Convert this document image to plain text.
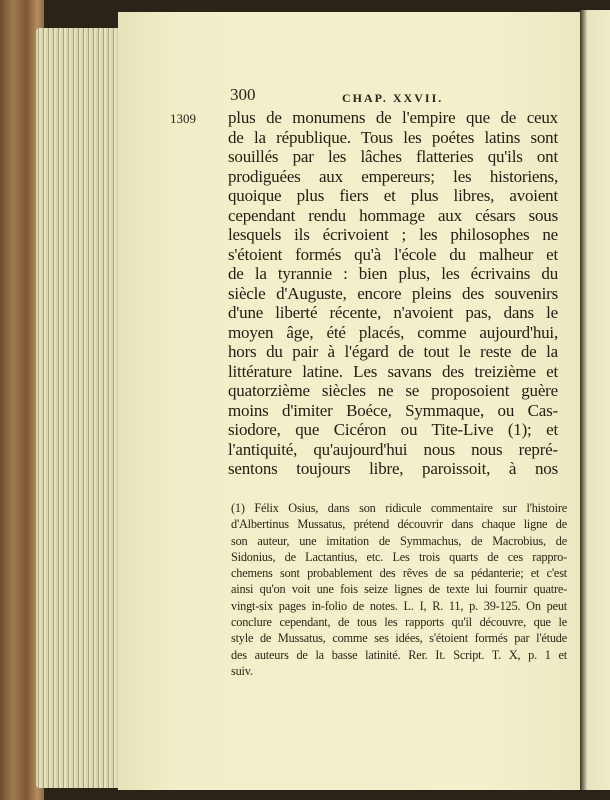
300	CHAP. XXVII.
1309 plus de monumens de l'empire que de ceux
de la république. Tous les poétes latins sont
souillés par les lâches flatteries qu'ils ont
prodiguées aux empereurs; les historiens,
quoique plus fiers et plus libres, avoient
cependant rendu hommage aux césars sous
lesquels ils écrivoient ; les philosophes ne
s'étoient formés qu'à l'école du malheur et
de la tyrannie : bien plus, les écrivains du
siècle d'Auguste, encore pleins des souvenirs
d'une liberté récente, n'avoient pas, dans le
moyen âge, été placés, comme aujourd'hui,
hors du pair à l'égard de tout le reste de la
littérature latine. Les savans des treizième et
quatorzième siècles ne se proposoient guère
moins d'imiter Boéce, Symmaque, ou Cas-
siodore, que Cicéron ou Tite-Live (1); et
l'antiquité, qu'aujourd'hui nous nous repré-
sentons toujours libre, paroissoit, à nos
(1) Félix Osius, dans son ridicule commentaire sur l'histoire
d'Albertinus Mussatus, prétend découvrir dans chaque ligne de
son auteur, une imitation de Symmachus, de Macrobius, de
Sidonius, de Lactantius, etc. Les trois quarts de ces rappro-
chemens sont probablement des rêves de sa pédanterie; et c'est
ainsi qu'on voit une fois seize lignes de texte lui fournir quatre-
vingt-six pages in-folio de notes. L. I, R. 11, p. 39-125. On peut
conclure cependant, de tous les rapports qu'il découvre, que le
style de Mussatus, comme ses idées, s'étoient formés par l'étude
des auteurs de la basse latinité. Rer. It. Script. T. X, p. 1 et
suiv.
